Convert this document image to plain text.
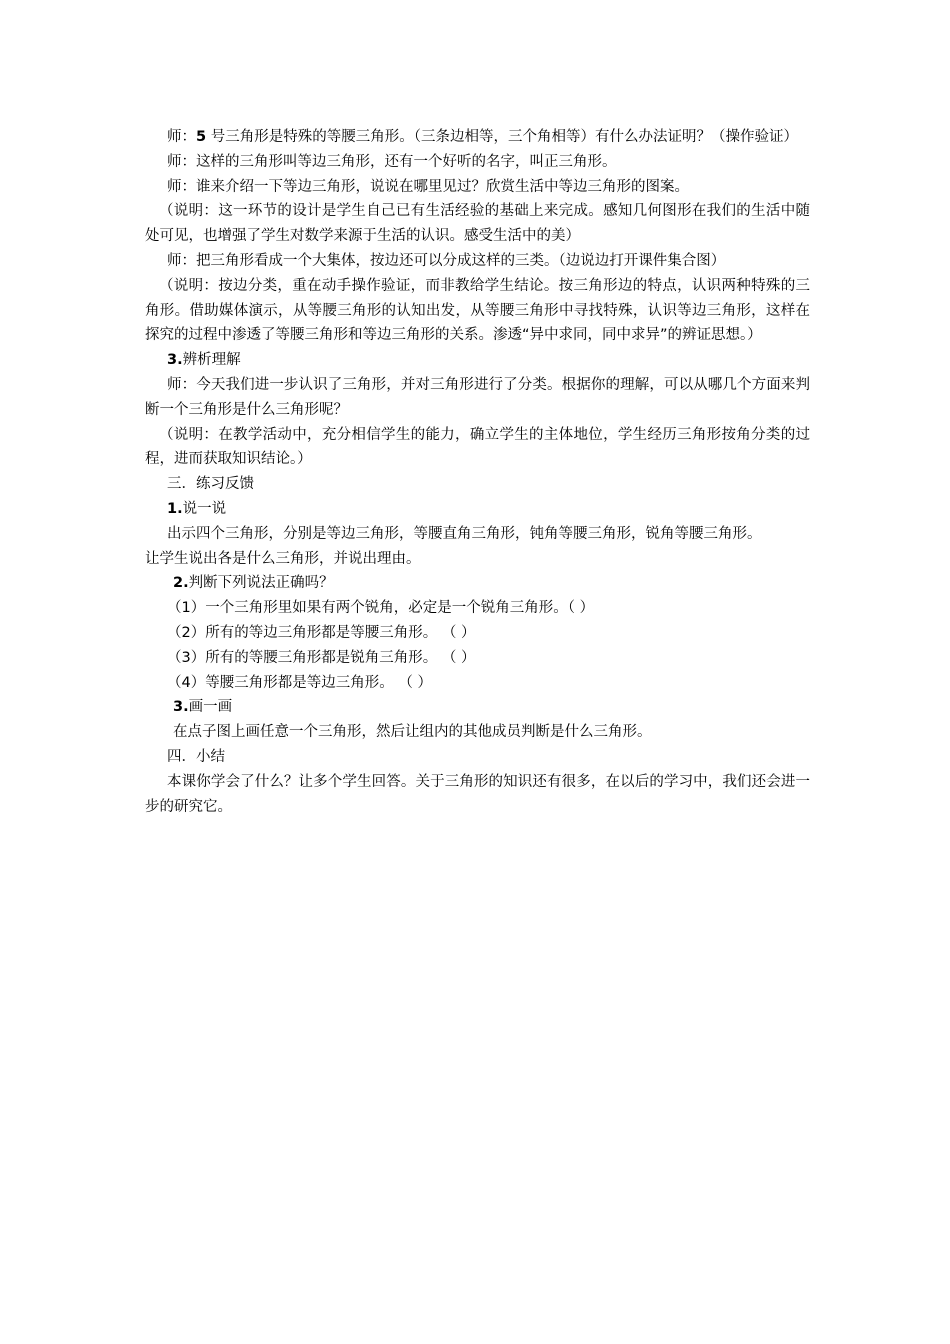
师：5 号三角形是特殊的等腰三角形。（三条边相等，三个角相等）有什么办法证明？（操作验证）

师：这样的三角形叫等边三角形，还有一个好听的名字，叫正三角形。

师：谁来介绍一下等边三角形，说说在哪里见过？欣赏生活中等边三角形的图案。

（说明：这一环节的设计是学生自己已有生活经验的基础上来完成。感知几何图形在我们的生活中随处可见，也增强了学生对数学来源于生活的认识。感受生活中的美）

师：把三角形看成一个大集体，按边还可以分成这样的三类。（边说边打开课件集合图）

（说明：按边分类，重在动手操作验证，而非教给学生结论。按三角形边的特点，认识两种特殊的三角形。借助媒体演示，从等腰三角形的认知出发，从等腰三角形中寻找特殊，认识等边三角形，这样在探究的过程中渗透了等腰三角形和等边三角形的关系。渗透“异中求同，同中求异”的辨证思想。）

3.辨析理解

师：今天我们进一步认识了三角形，并对三角形进行了分类。根据你的理解，可以从哪几个方面来判断一个三角形是什么三角形呢？

（说明：在教学活动中，充分相信学生的能力，确立学生的主体地位，学生经历三角形按角分类的过程，进而获取知识结论。）

三．练习反馈

1.说一说

出示四个三角形，分别是等边三角形，等腰直角三角形，钝角等腰三角形，锐角等腰三角形。

让学生说出各是什么三角形，并说出理由。

2.判断下列说法正确吗？

（1）一个三角形里如果有两个锐角，必定是一个锐角三角形。（ ）

（2）所有的等边三角形都是等腰三角形。 （ ）

（3）所有的等腰三角形都是锐角三角形。 （ ）

（4）等腰三角形都是等边三角形。 （ ）

3.画一画

在点子图上画任意一个三角形，然后让组内的其他成员判断是什么三角形。

四．小结

本课你学会了什么？让多个学生回答。关于三角形的知识还有很多，在以后的学习中，我们还会进一步的研究它。
